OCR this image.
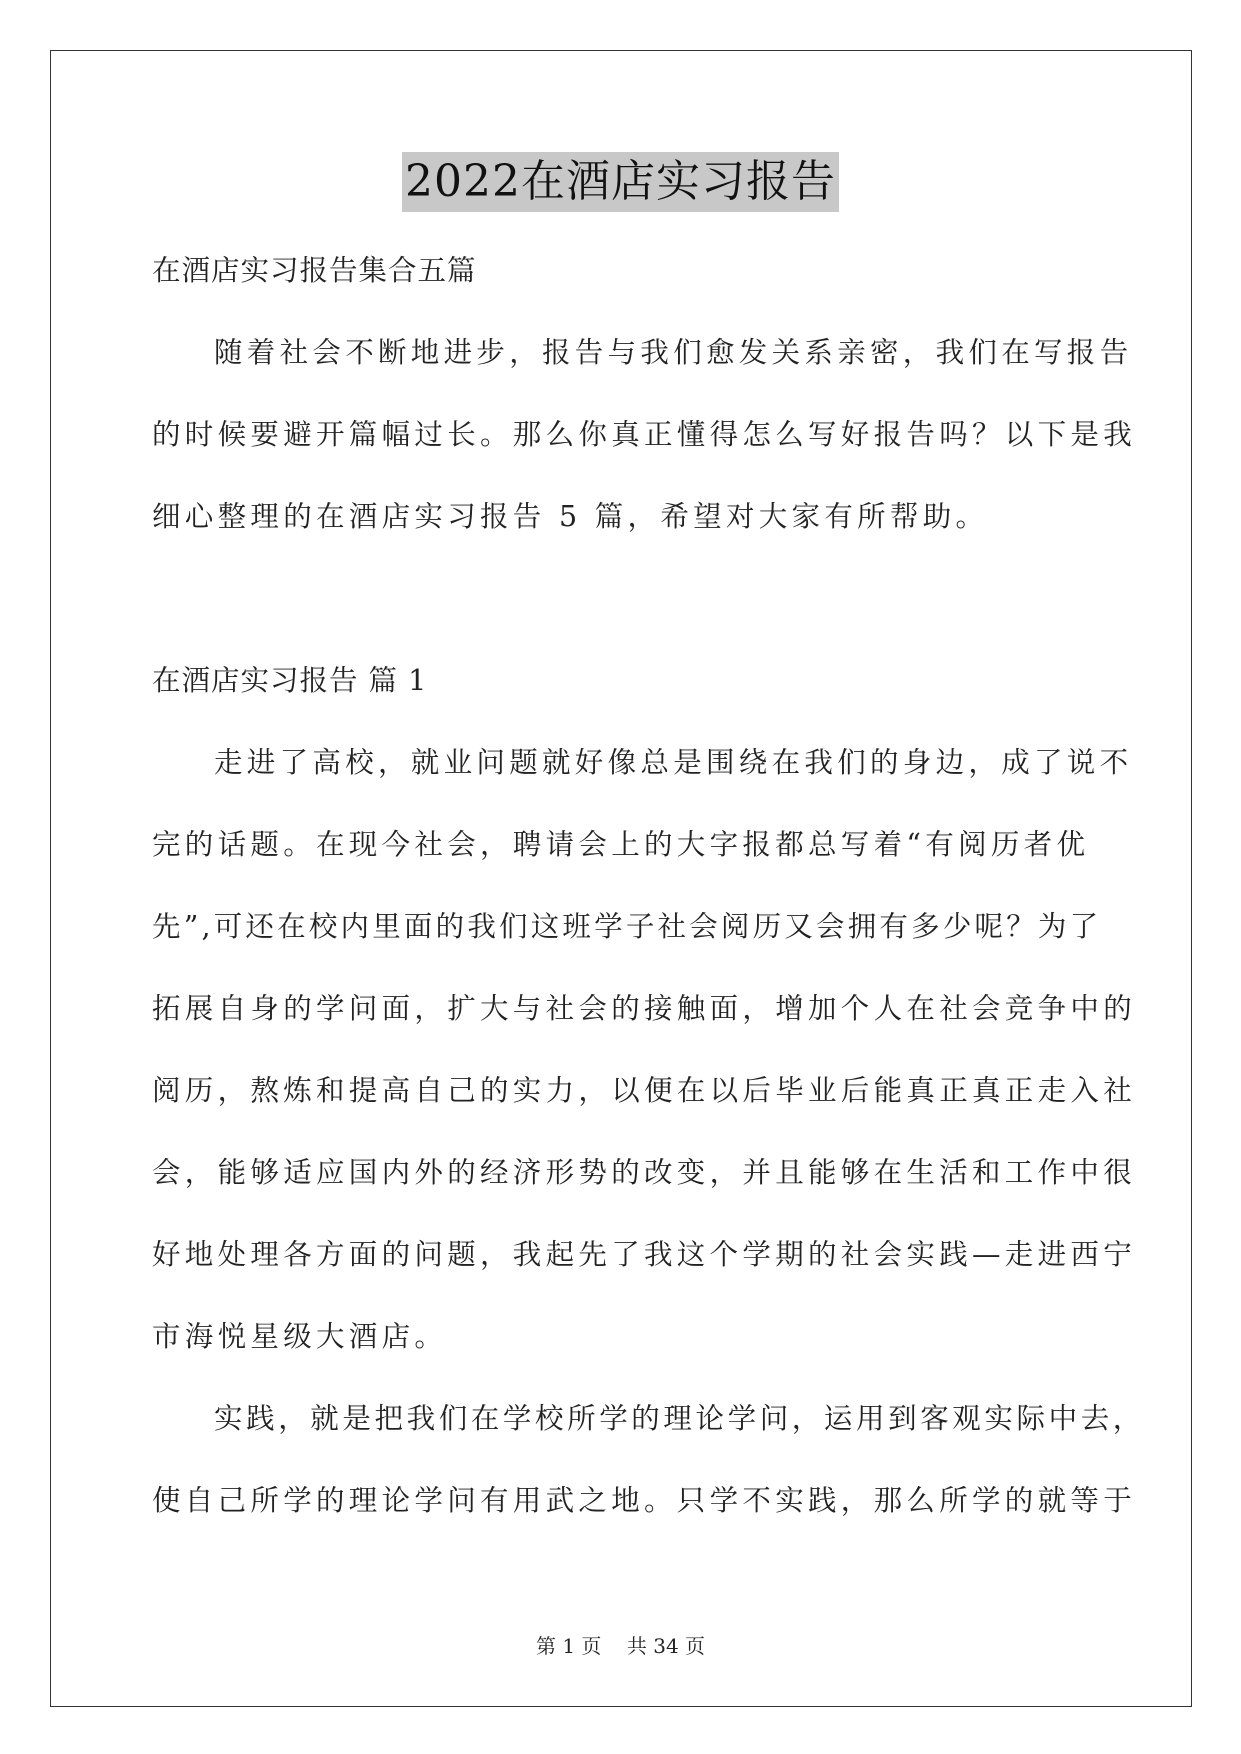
2022在酒店实习报告
在酒店实习报告集合五篇
随着社会不断地进步，报告与我们愈发关系亲密，我们在写报告
的时候要避开篇幅过长。那么你真正懂得怎么写好报告吗？以下是我
细心整理的在酒店实习报告 5 篇，希望对大家有所帮助。
在酒店实习报告 篇 1
走进了高校，就业问题就好像总是围绕在我们的身边，成了说不
完的话题。在现今社会，聘请会上的大字报都总写着“有阅历者优
先”,可还在校内里面的我们这班学子社会阅历又会拥有多少呢？为了
拓展自身的学问面，扩大与社会的接触面，增加个人在社会竞争中的
阅历，熬炼和提高自己的实力，以便在以后毕业后能真正真正走入社
会，能够适应国内外的经济形势的改变，并且能够在生活和工作中很
好地处理各方面的问题，我起先了我这个学期的社会实践—走进西宁
市海悦星级大酒店。
实践，就是把我们在学校所学的理论学问，运用到客观实际中去，
使自己所学的理论学问有用武之地。只学不实践，那么所学的就等于
第 1 页 共 34 页
